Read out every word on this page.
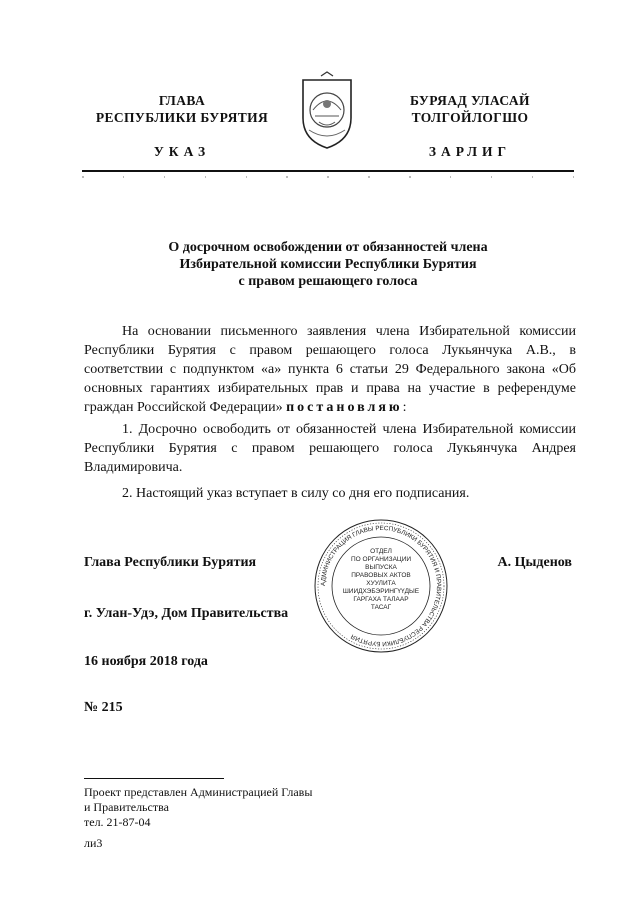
ГЛАВА
РЕСПУБЛИКИ БУРЯТИЯ
УКАЗ
БУРЯАД УЛАСАЙ
ТОЛГОЙЛОГШО
ЗАРЛИГ
О досрочном освобождении от обязанностей члена
Избирательной комиссии Республики Бурятия
с правом решающего голоса
На основании письменного заявления члена Избирательной комиссии Республики Бурятия с правом решающего голоса Лукьянчука А.В., в соответствии с подпунктом «а» пункта 6 статьи 29 Федерального закона «Об основных гарантиях избирательных прав и права на участие в референдуме граждан Российской Федерации» постановляю:
1. Досрочно освободить от обязанностей члена Избирательной комиссии Республики Бурятия с правом решающего голоса Лукьянчука Андрея Владимировича.
2. Настоящий указ вступает в силу со дня его подписания.
Глава Республики Бурятия	А. Цыденов
г. Улан-Удэ, Дом Правительства
16 ноября 2018 года
№ 215
АДМИНИСТРАЦИЯ ГЛАВЫ РЕСПУБЛИКИ БУРЯТИЯ И ПРАВИТЕЛЬСТВА РЕСПУБЛИКИ БУРЯТИЯ
ОТДЕЛ
ПО ОРГАНИЗАЦИИ
ВЫПУСКА
ПРАВОВЫХ АКТОВ
ХУУЛИТА
ШИИДХЭБЭРИНГҮҮДЫЕ
ГАРГАХА ТАЛААР
ТАСАГ
Проект представлен Администрацией Главы
и Правительства
тел. 21-87-04
ли3
